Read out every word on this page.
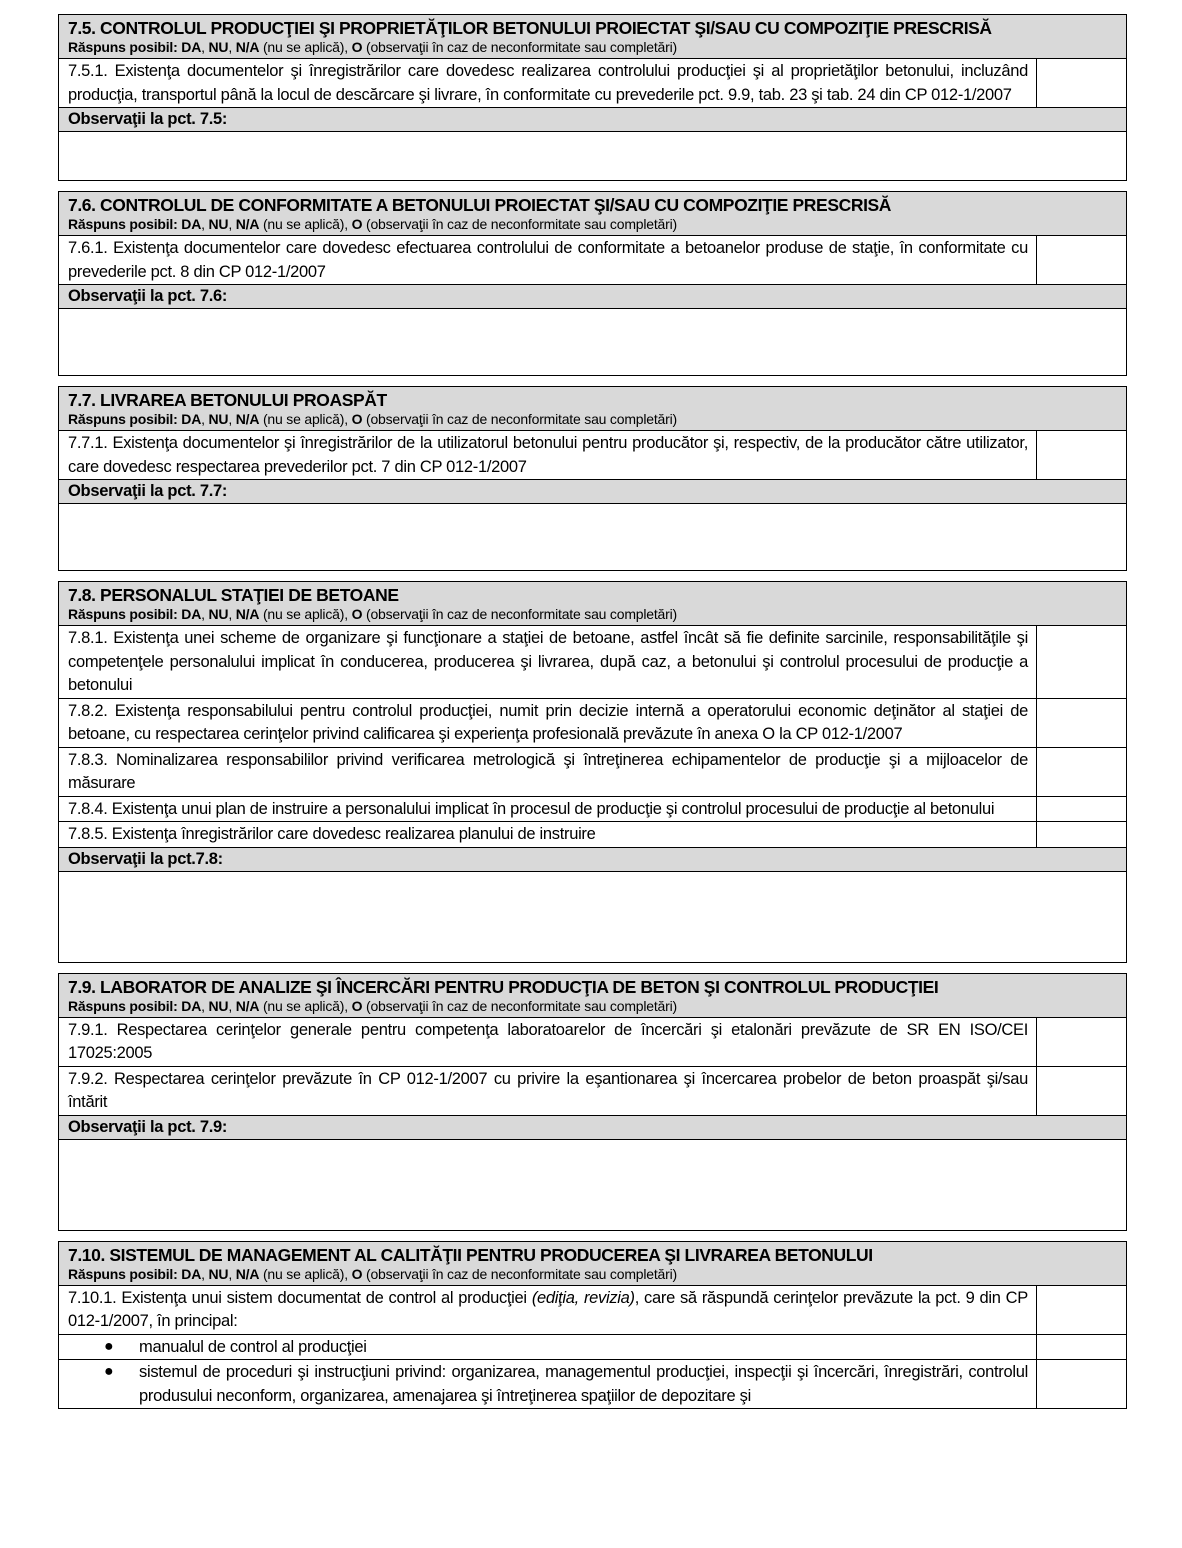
7.5. CONTROLUL PRODUCŢIEI ŞI PROPRIETĂŢILOR BETONULUI PROIECTAT ŞI/SAU CU COMPOZIŢIE PRESCRISĂ
Răspuns posibil: DA, NU, N/A (nu se aplică), O (observaţii în caz de neconformitate sau completări)	

7.5.1. Existenţa documentelor şi înregistrărilor care dovedesc realizarea controlului producţiei şi al proprietăţilor betonului, incluzând producţia, transportul până la locul de descărcare şi livrare, în conformitate cu prevederile pct. 9.9, tab. 23 şi tab. 24 din CP 012-1/2007	
Observaţii la pct. 7.5:	

7.6. CONTROLUL DE CONFORMITATE A BETONULUI PROIECTAT ŞI/SAU CU COMPOZIŢIE PRESCRISĂ
Răspuns posibil: DA, NU, N/A (nu se aplică), O (observaţii în caz de neconformitate sau completări)	

7.6.1. Existenţa documentelor care dovedesc efectuarea controlului de conformitate a betoanelor produse de staţie, în conformitate cu prevederile pct. 8 din CP 012-1/2007	
Observaţii la pct. 7.6:	

7.7. LIVRAREA BETONULUI PROASPĂT
Răspuns posibil: DA, NU, N/A (nu se aplică), O (observaţii în caz de neconformitate sau completări)	

7.7.1. Existenţa documentelor şi înregistrărilor de la utilizatorul betonului pentru producător şi, respectiv, de la producător către utilizator, care dovedesc respectarea prevederilor pct. 7 din CP 012-1/2007	
Observaţii la pct. 7.7:	

7.8. PERSONALUL STAŢIEI DE BETOANE
Răspuns posibil: DA, NU, N/A (nu se aplică), O (observaţii în caz de neconformitate sau completări)	

7.8.1. Existenţa unei scheme de organizare şi funcţionare a staţiei de betoane, astfel încât să fie definite sarcinile, responsabilităţile şi competenţele personalului implicat în conducerea, producerea şi livrarea, după caz, a betonului şi controlul procesului de producţie a betonului	
7.8.2. Existenţa responsabilului pentru controlul producţiei, numit prin decizie internă a operatorului economic deţinător al staţiei de betoane, cu respectarea cerinţelor privind calificarea şi experienţa profesională prevăzute în anexa O la CP 012-1/2007	
7.8.3. Nominalizarea responsabililor privind verificarea metrologică şi întreţinerea echipamentelor de producţie şi a mijloacelor de măsurare	
7.8.4. Existenţa unui plan de instruire a personalului implicat în procesul de producţie şi controlul procesului de producţie al betonului	
7.8.5. Existenţa înregistrărilor care dovedesc realizarea planului de instruire	
Observaţii la pct.7.8:	

7.9. LABORATOR DE ANALIZE ŞI ÎNCERCĂRI PENTRU PRODUCŢIA DE BETON ŞI CONTROLUL PRODUCŢIEI
Răspuns posibil: DA, NU, N/A (nu se aplică), O (observaţii în caz de neconformitate sau completări)	

7.9.1. Respectarea cerinţelor generale pentru competenţa laboratoarelor de încercări şi etalonări prevăzute de SR EN ISO/CEI 17025:2005	
7.9.2. Respectarea cerinţelor prevăzute în CP 012-1/2007 cu privire la eşantionarea şi încercarea probelor de beton proaspăt şi/sau întărit	
Observaţii la pct. 7.9:	

7.10. SISTEMUL DE MANAGEMENT AL CALITĂŢII PENTRU PRODUCEREA ŞI LIVRAREA BETONULUI
Răspuns posibil: DA, NU, N/A (nu se aplică), O (observaţii în caz de neconformitate sau completări)	

7.10.1. Existenţa unui sistem documentat de control al producţiei (ediţia, revizia), care să răspundă cerinţelor prevăzute la pct. 9 din CP 012-1/2007, în principal:	

● manualul de control al producţiei	

● sistemul de proceduri şi instrucţiuni privind: organizarea, managementul producţiei, inspecţii şi încercări, înregistrări, controlul produsului neconform, organizarea, amenajarea şi întreţinerea spaţiilor de depozitare şi	
